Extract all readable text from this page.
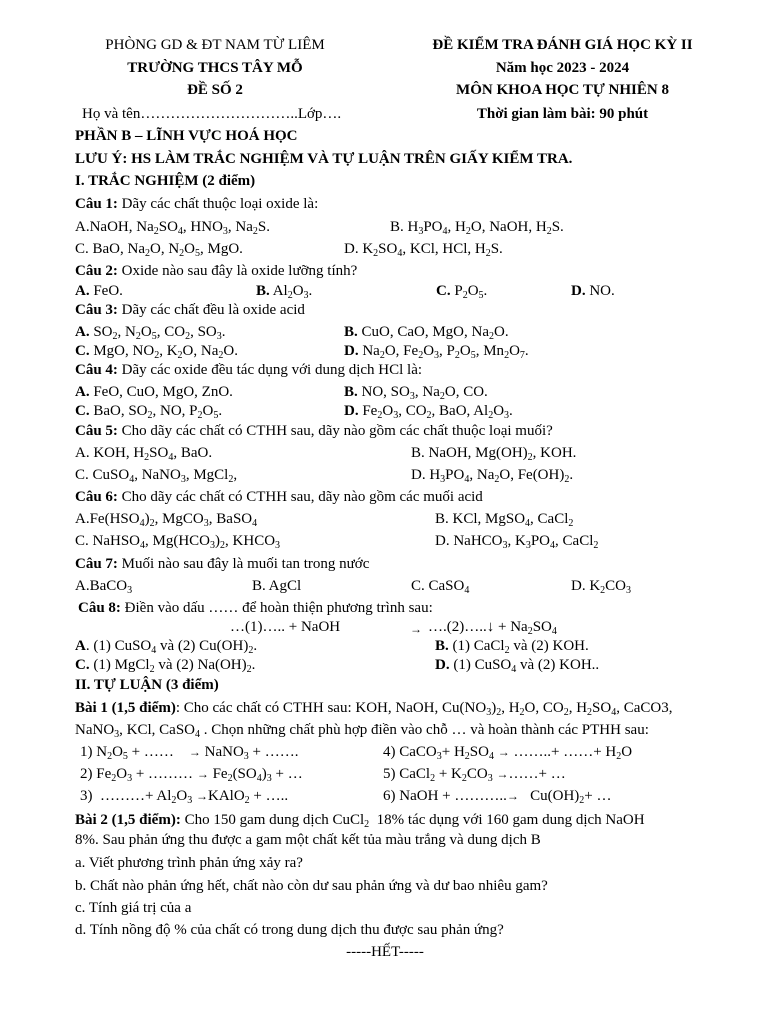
PHÒNG GD & ĐT NAM TỪ LIÊM
TRƯỜNG THCS TÂY MỖ
ĐỀ SỐ 2
ĐỀ KIỂM TRA ĐÁNH GIÁ HỌC KỲ II
Năm học 2023 - 2024
MÔN KHOA HỌC TỰ NHIÊN 8
Họ và tên…………………………..Lớp….	Thời gian làm bài: 90 phút
PHẦN B – LĨNH VỰC HOÁ HỌC
LƯU Ý: HS LÀM TRẮC NGHIỆM VÀ TỰ LUẬN TRÊN GIẤY KIỂM TRA.
I. TRẮC NGHIỆM (2 điểm)
Câu 1: Dãy các chất thuộc loại oxide là:
A.NaOH, $Na_2SO_4$, $HNO_3$, $Na_2S$.	B. $H_3PO_4$, $H_2O$, NaOH, $H_2S$.
C. BaO, $Na_2O$, $N_2O_5$, MgO.	D. $K_2SO_4$, KCl, HCl, $H_2S$.
Câu 2: Oxide nào sau đây là oxide lưỡng tính?
A. FeO.	B. $Al_2O_3$.	C. $P_2O_5$.	D. NO.
Câu 3: Dãy các chất đều là oxide acid
A. $SO_2$, $N_2O_5$, $CO_2$, $SO_3$.	B. CuO, CaO, MgO, $Na_2O$.
C. MgO, $NO_2$, $K_2O$, $Na_2O$.	D. $Na_2O$, $Fe_2O_3$, $P_2O_5$, $Mn_2O_7$.
Câu 4: Dãy các oxide đều tác dụng với dung dịch HCl là:
A. FeO, CuO, MgO, ZnO.	B. NO, $SO_3$, $Na_2O$, CO.
C. BaO, $SO_2$, NO, $P_2O_5$.	D. $Fe_2O_3$, $CO_2$, BaO, $Al_2O_3$.
Câu 5: Cho dãy các chất có CTHH sau, dãy nào gồm các chất thuộc loại muối?
A. KOH, $H_2SO_4$, BaO.	B. NaOH, $Mg(OH)_2$, KOH.
C. CuSO$_4$, NaNO$_3$, MgCl$_2$,	D. $H_3PO_4$, $Na_2O$, $Fe(OH)_2$.
Câu 6: Cho dãy các chất có CTHH sau, dãy nào gồm các muối acid
$A.Fe(HSO_4)_2$, MgCO$_3$, BaSO$_4$	B. KCl, MgSO$_4$, CaCl$_2$
C. NaHSO$_4$, $Mg(HCO_3)_2$, $KHCO_3$	D. NaHCO$_3$, $K_3PO_4$, CaCl$_2$
Câu 7: Muối nào sau đây là muối tan trong nước
A.BaCO$_3$	B. AgCl	C. CaSO$_4$	D. $K_2CO_3$
Câu 8: Điền vào dấu …… để hoàn thiện phương trình sau:
…(1)….. + NaOH	→ ….(2)…..↓ + $Na_2SO_4$
A. (1) CuSO$_4$ và (2) $Cu(OH)_2$.	B. (1) CaCl$_2$ và (2) KOH.
C. (1) MgCl$_2$ và (2) $Na(OH)_2$.	D. (1) CuSO$_4$ và (2) KOH..
II. TỰ LUẬN (3 điểm)
Bài 1 (1,5 điểm): Cho các chất có CTHH sau: KOH, NaOH, $Cu(NO_3)_2$, $H_2O$, $CO_2$, $H_2SO_4$, CaCO3,
NaNO$_3$, KCl, CaSO$_4$ . Chọn những chất phù hợp điền vào chỗ … và hoàn thành các PTHH sau:
1) $N_2O_5$ + ……    → NaNO$_3$ + …….	4) CaCO$_3$+ $H_2SO_4$ → ……..+ ……+ $H_2O$
2) $Fe_2O_3$ + ……… → $Fe_2(SO_4)_3$ + …	5) CaCl$_2$ + $K_2CO_3$ →……+ …
3)  ………+ $Al_2O_3$ →KAlO$_2$ + …..	6) NaOH + ………..→   $Cu(OH)_2+$ …
Bài 2 (1,5 điểm): Cho 150 gam dung dịch CuCl$_2$  18% tác dụng với 160 gam dung dịch NaOH
8%. Sau phản ứng thu được a gam một chất kết tủa màu trắng và dung dịch B
a. Viết phương trình phản ứng xảy ra?
b. Chất nào phản ứng hết, chất nào còn dư sau phản ứng và dư bao nhiêu gam?
c. Tính giá trị của a
d. Tính nồng độ % của chất có trong dung dịch thu được sau phản ứng?
-----HẾT-----
